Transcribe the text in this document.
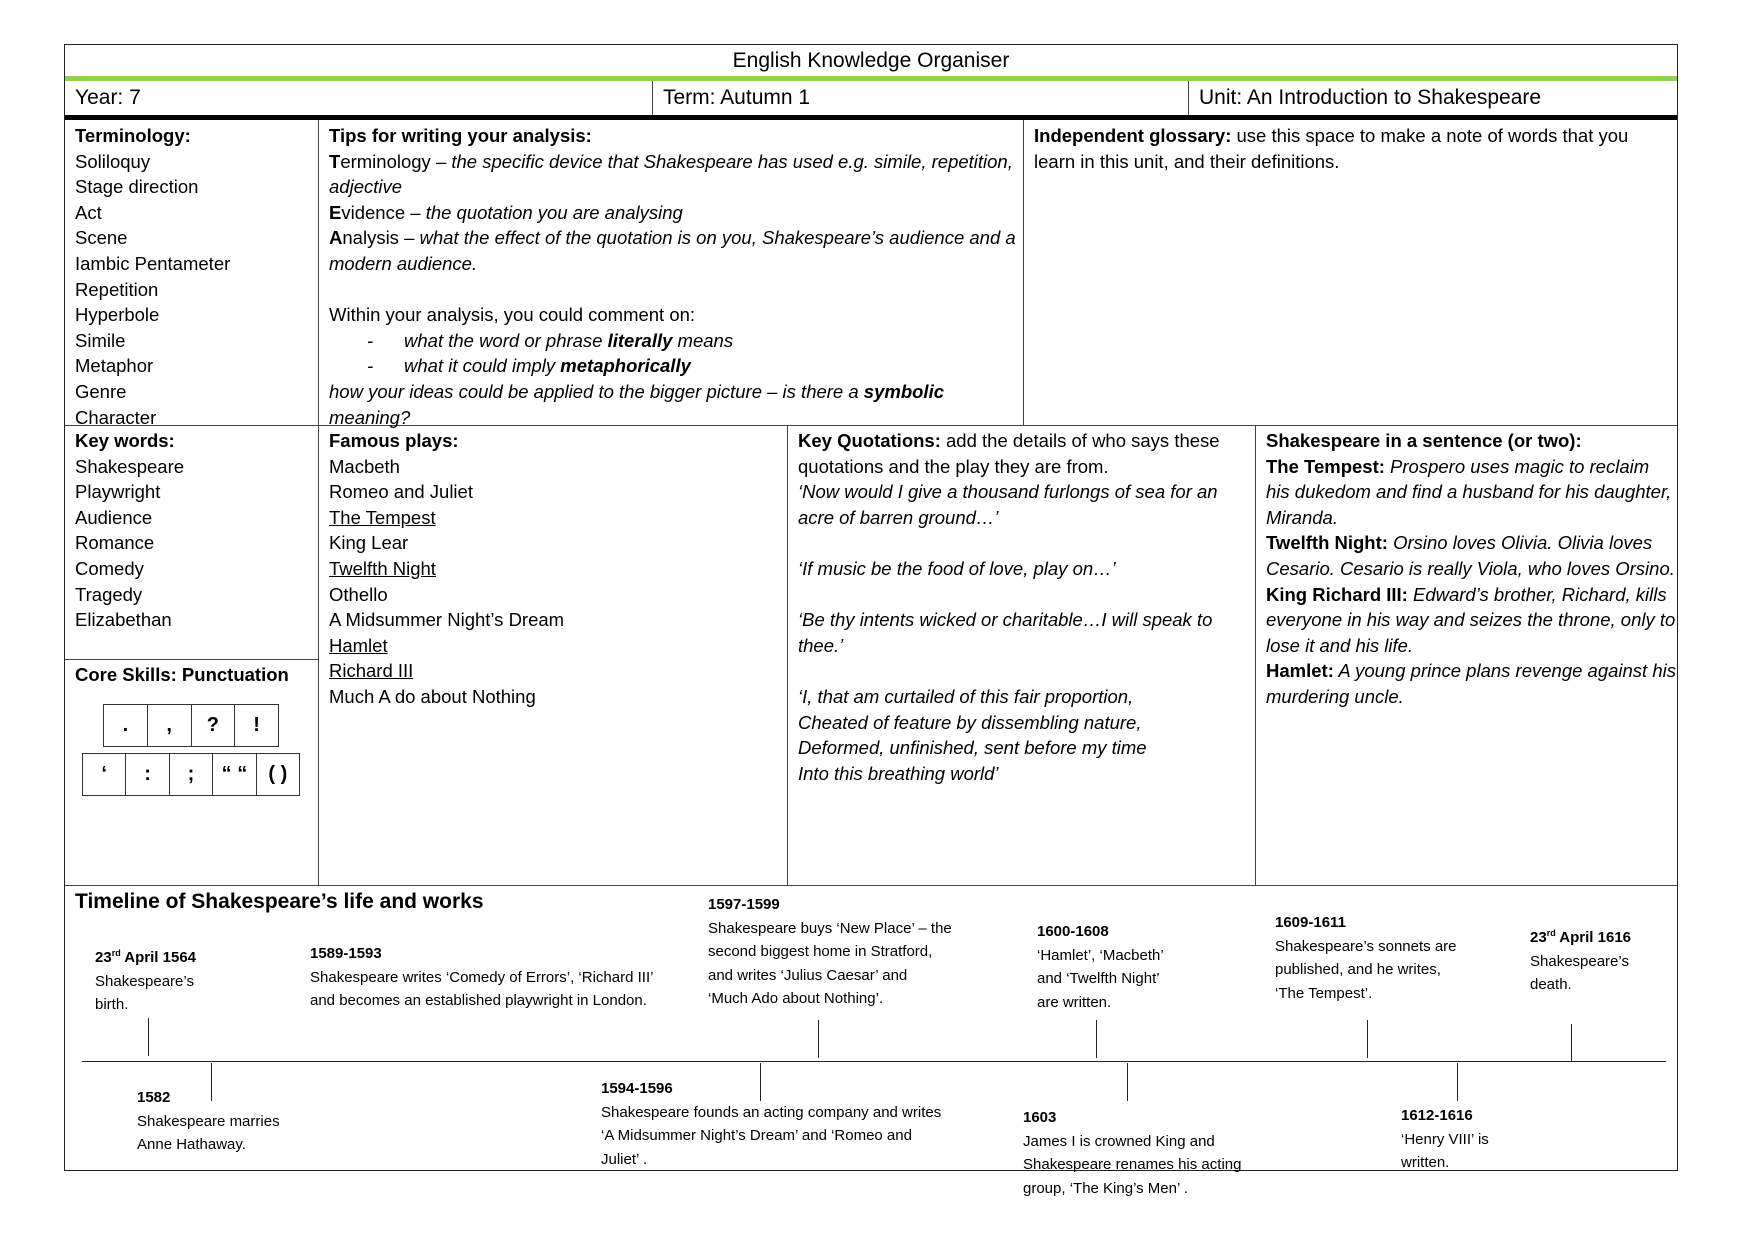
English Knowledge Organiser
Year: 7	Term: Autumn 1	Unit: An Introduction to Shakespeare

Terminology:

Soliloquy

Stage direction

Act

Scene

Iambic Pentameter

Repetition

Hyperbole

Simile

Metaphor

Genre

Character

Tips for writing your analysis:

Terminology – the specific device that Shakespeare has used e.g. simile, repetition, adjective

Evidence – the quotation you are analysing

Analysis – what the effect of the quotation is on you, Shakespeare’s audience and a modern audience.

Within your analysis, you could comment on:

- what the word or phrase literally means
- what it could imply metaphorically

how your ideas could be applied to the bigger picture – is there a symbolic meaning?

Independent glossary: use this space to make a note of words that you learn in this unit, and their definitions.

Key words:

Shakespeare

Playwright

Audience

Romance

Comedy

Tragedy

Elizabethan

Core Skills: Punctuation

.	,	?	!
‘	:	;	“ “	( )

Famous plays:

Macbeth

Romeo and Juliet

The Tempest

King Lear

Twelfth Night

Othello

A Midsummer Night’s Dream

Hamlet

Richard III

Much A do about Nothing

Key Quotations: add the details of who says these quotations and the play they are from.

‘Now would I give a thousand furlongs of sea for an acre of barren ground…’

‘If music be the food of love, play on…’

‘Be thy intents wicked or charitable…I will speak to thee.’

‘I, that am curtailed of this fair proportion,

Cheated of feature by dissembling nature,

Deformed, unfinished, sent before my time

Into this breathing world’

Shakespeare in a sentence (or two):

The Tempest: Prospero uses magic to reclaim his dukedom and find a husband for his daughter, Miranda.

Twelfth Night: Orsino loves Olivia. Olivia loves Cesario. Cesario is really Viola, who loves Orsino.

King Richard III: Edward’s brother, Richard, kills everyone in his way and seizes the throne, only to lose it and his life.

Hamlet: A young prince plans revenge against his murdering uncle.

Timeline of Shakespeare’s life and works
23rd April 1564
Shakespeare’s
birth.
1589-1593
Shakespeare writes ‘Comedy of Errors’, ‘Richard III’
and becomes an established playwright in London.
1597-1599
Shakespeare buys ‘New Place’ – the
second biggest home in Stratford,
and writes ‘Julius Caesar’ and
‘Much Ado about Nothing’.
1600-1608
‘Hamlet’, ‘Macbeth’
and ‘Twelfth Night’
are written.
1609-1611
Shakespeare’s sonnets are
published, and he writes,
‘The Tempest’.
23rd April 1616
Shakespeare’s
death.
1582
Shakespeare marries
Anne Hathaway.
1594-1596
Shakespeare founds an acting company and writes
‘A Midsummer Night’s Dream’ and ‘Romeo and
Juliet’ .
1603
James I is crowned King and
Shakespeare renames his acting
group, ‘The King’s Men’ .
1612-1616
‘Henry VIII’ is
written.
